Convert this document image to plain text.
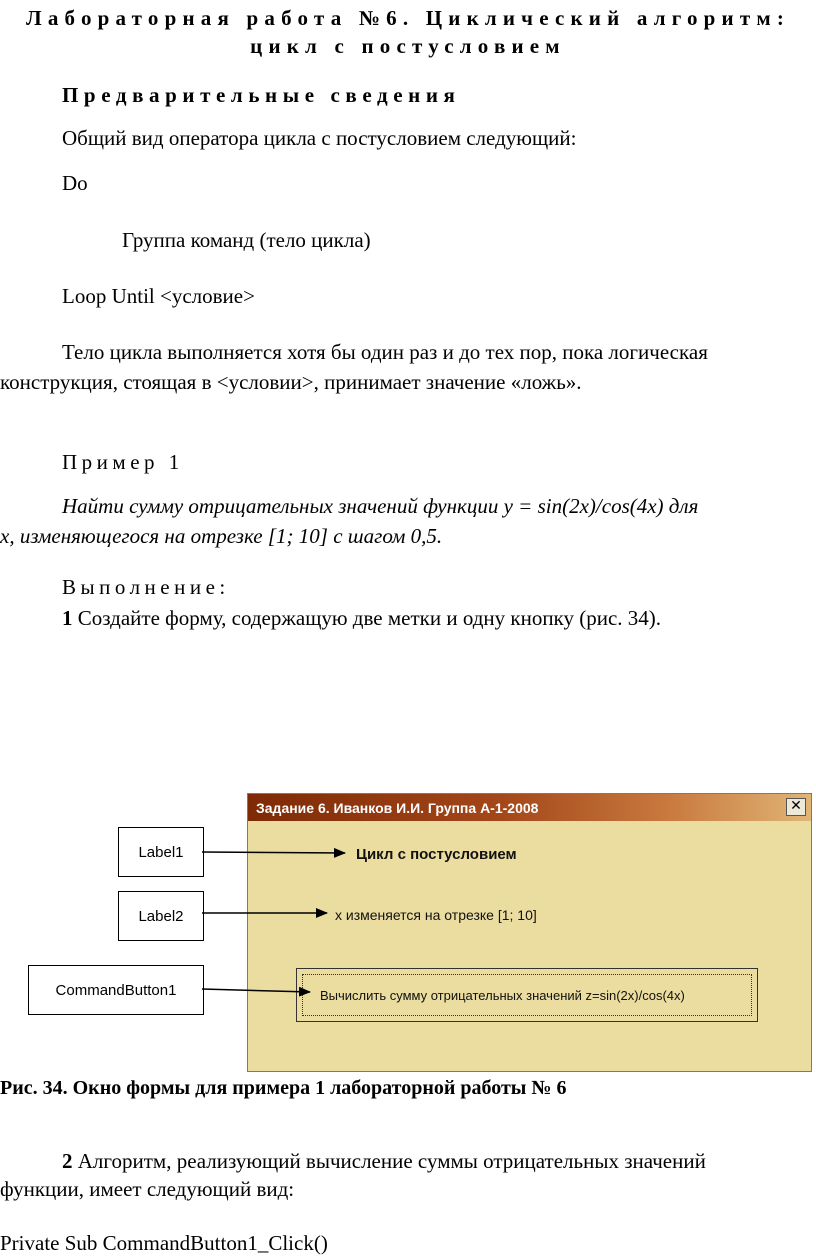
Лабораторная работа №6. Циклический алгоритм:
цикл с постусловием
Предварительные сведения
Общий вид оператора цикла с постусловием следующий:
Do
Группа команд (тело цикла)
Loop Until <условие>
Тело цикла выполняется хотя бы один раз и до тех пор, пока логическая
конструкция, стоящая в <условии>, принимает значение «ложь».
Пример 1
Найти сумму отрицательных значений функции y = sin(2x)/cos(4x) для
x, изменяющегося на отрезке [1; 10] с шагом 0,5.
Выполнение:
1 Создайте форму, содержащую две метки и одну кнопку (рис. 34).
Label1
Label2
CommandButton1
Задание 6. Иванков И.И. Группа А-1-2008	✕
Цикл с постусловием
x изменяется на отрезке [1; 10]
Вычислить сумму отрицательных значений z=sin(2x)/cos(4x)
Рис. 34. Окно формы для примера 1 лабораторной работы № 6
2 Алгоритм, реализующий вычисление суммы отрицательных значений
функции, имеет следующий вид:
Private Sub CommandButton1_Click()
